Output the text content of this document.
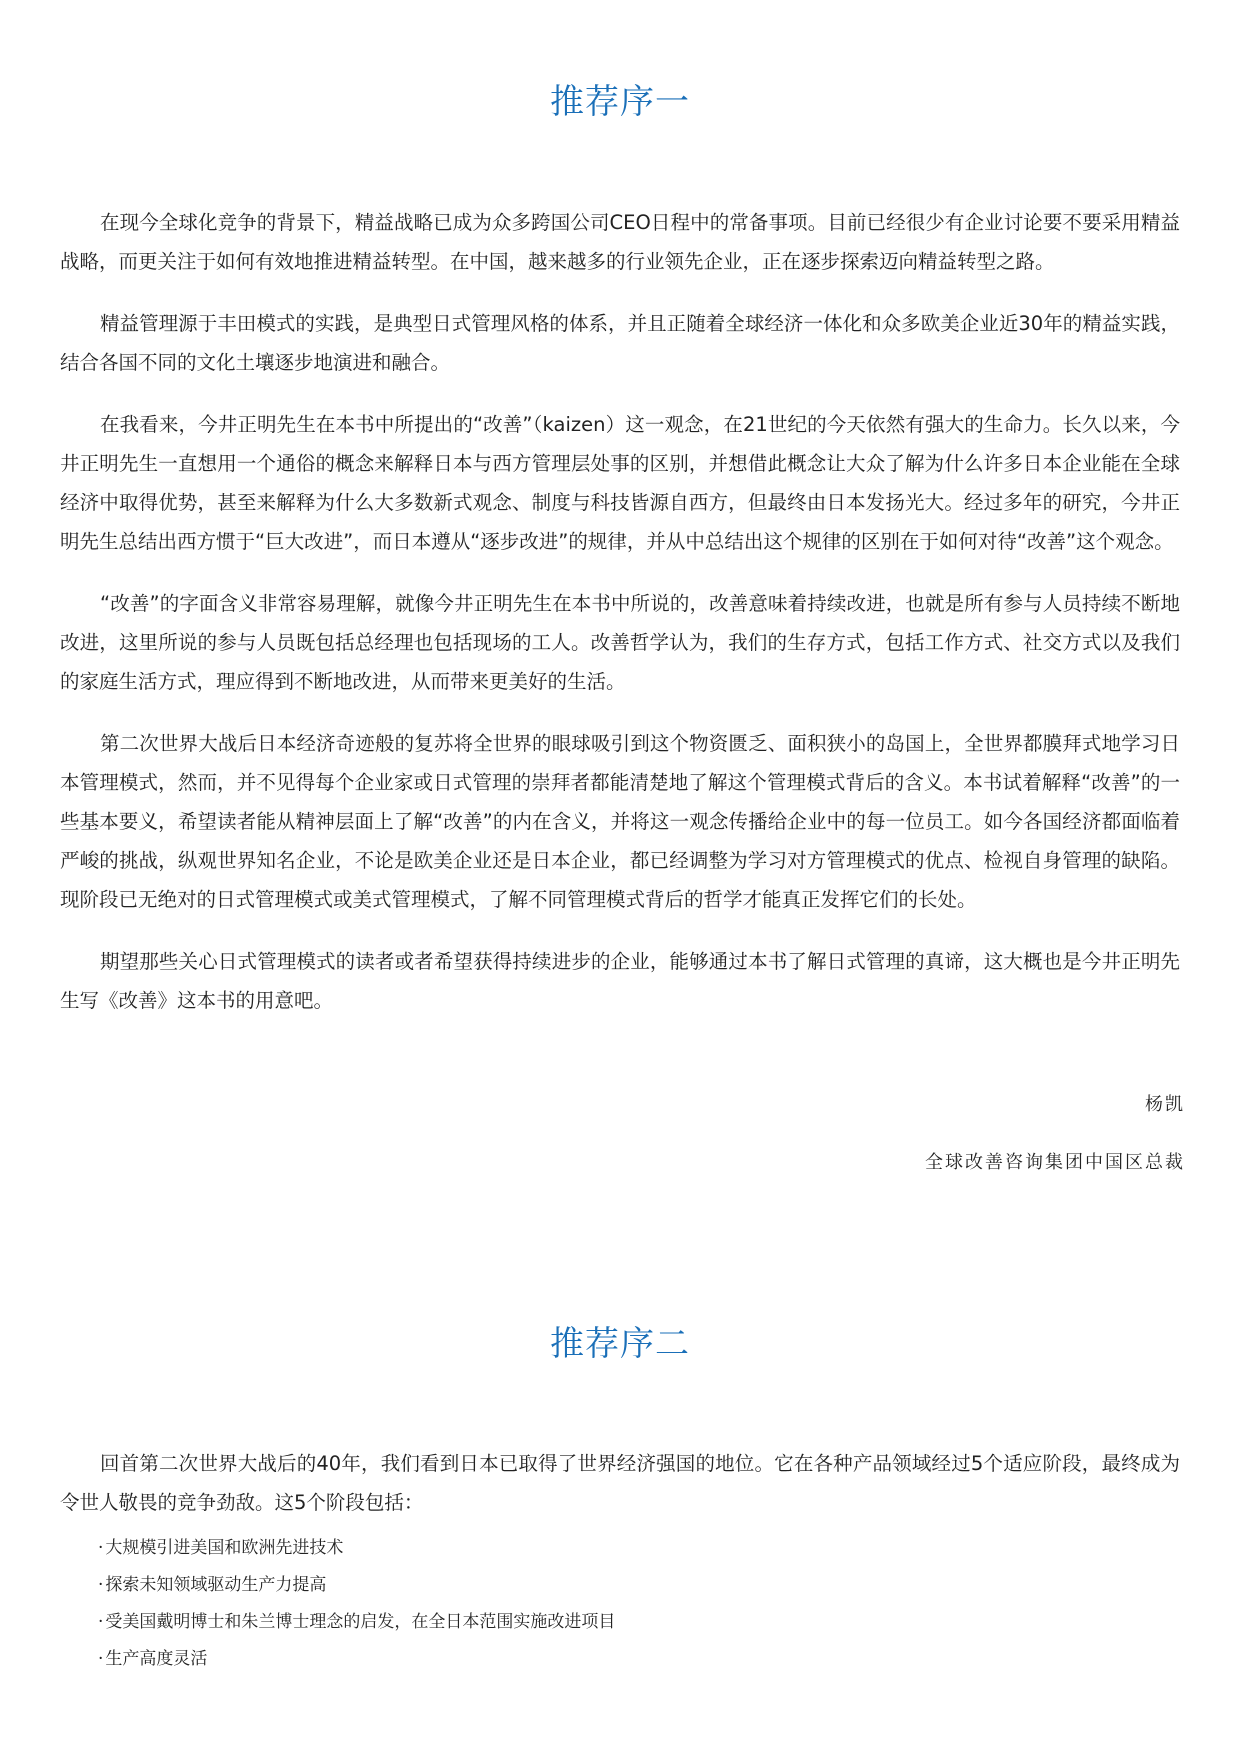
推荐序一

在现今全球化竞争的背景下，精益战略已成为众多跨国公司CEO日程中的常备事项。目前已经很少有企业讨论要不要采用精益战略，而更关注于如何有效地推进精益转型。在中国，越来越多的行业领先企业，正在逐步探索迈向精益转型之路。

精益管理源于丰田模式的实践，是典型日式管理风格的体系，并且正随着全球经济一体化和众多欧美企业近30年的精益实践，结合各国不同的文化土壤逐步地演进和融合。

在我看来，今井正明先生在本书中所提出的“改善”（kaizen）这一观念，在21世纪的今天依然有强大的生命力。长久以来，今井正明先生一直想用一个通俗的概念来解释日本与西方管理层处事的区别，并想借此概念让大众了解为什么许多日本企业能在全球经济中取得优势，甚至来解释为什么大多数新式观念、制度与科技皆源自西方，但最终由日本发扬光大。经过多年的研究，今井正明先生总结出西方惯于“巨大改进”，而日本遵从“逐步改进”的规律，并从中总结出这个规律的区别在于如何对待“改善”这个观念。

“改善”的字面含义非常容易理解，就像今井正明先生在本书中所说的，改善意味着持续改进，也就是所有参与人员持续不断地改进，这里所说的参与人员既包括总经理也包括现场的工人。改善哲学认为，我们的生存方式，包括工作方式、社交方式以及我们的家庭生活方式，理应得到不断地改进，从而带来更美好的生活。

第二次世界大战后日本经济奇迹般的复苏将全世界的眼球吸引到这个物资匮乏、面积狭小的岛国上，全世界都膜拜式地学习日本管理模式，然而，并不见得每个企业家或日式管理的崇拜者都能清楚地了解这个管理模式背后的含义。本书试着解释“改善”的一些基本要义，希望读者能从精神层面上了解“改善”的内在含义，并将这一观念传播给企业中的每一位员工。如今各国经济都面临着严峻的挑战，纵观世界知名企业，不论是欧美企业还是日本企业，都已经调整为学习对方管理模式的优点、检视自身管理的缺陷。现阶段已无绝对的日式管理模式或美式管理模式，了解不同管理模式背后的哲学才能真正发挥它们的长处。

期望那些关心日式管理模式的读者或者希望获得持续进步的企业，能够通过本书了解日式管理的真谛，这大概也是今井正明先生写《改善》这本书的用意吧。

杨凯

全球改善咨询集团中国区总裁

推荐序二

回首第二次世界大战后的40年，我们看到日本已取得了世界经济强国的地位。它在各种产品领域经过5个适应阶段，最终成为令世人敬畏的竞争劲敌。这5个阶段包括：

· 大规模引进美国和欧洲先进技术
· 探索未知领域驱动生产力提高
· 受美国戴明博士和朱兰博士理念的启发，在全日本范围实施改进项目
· 生产高度灵活
